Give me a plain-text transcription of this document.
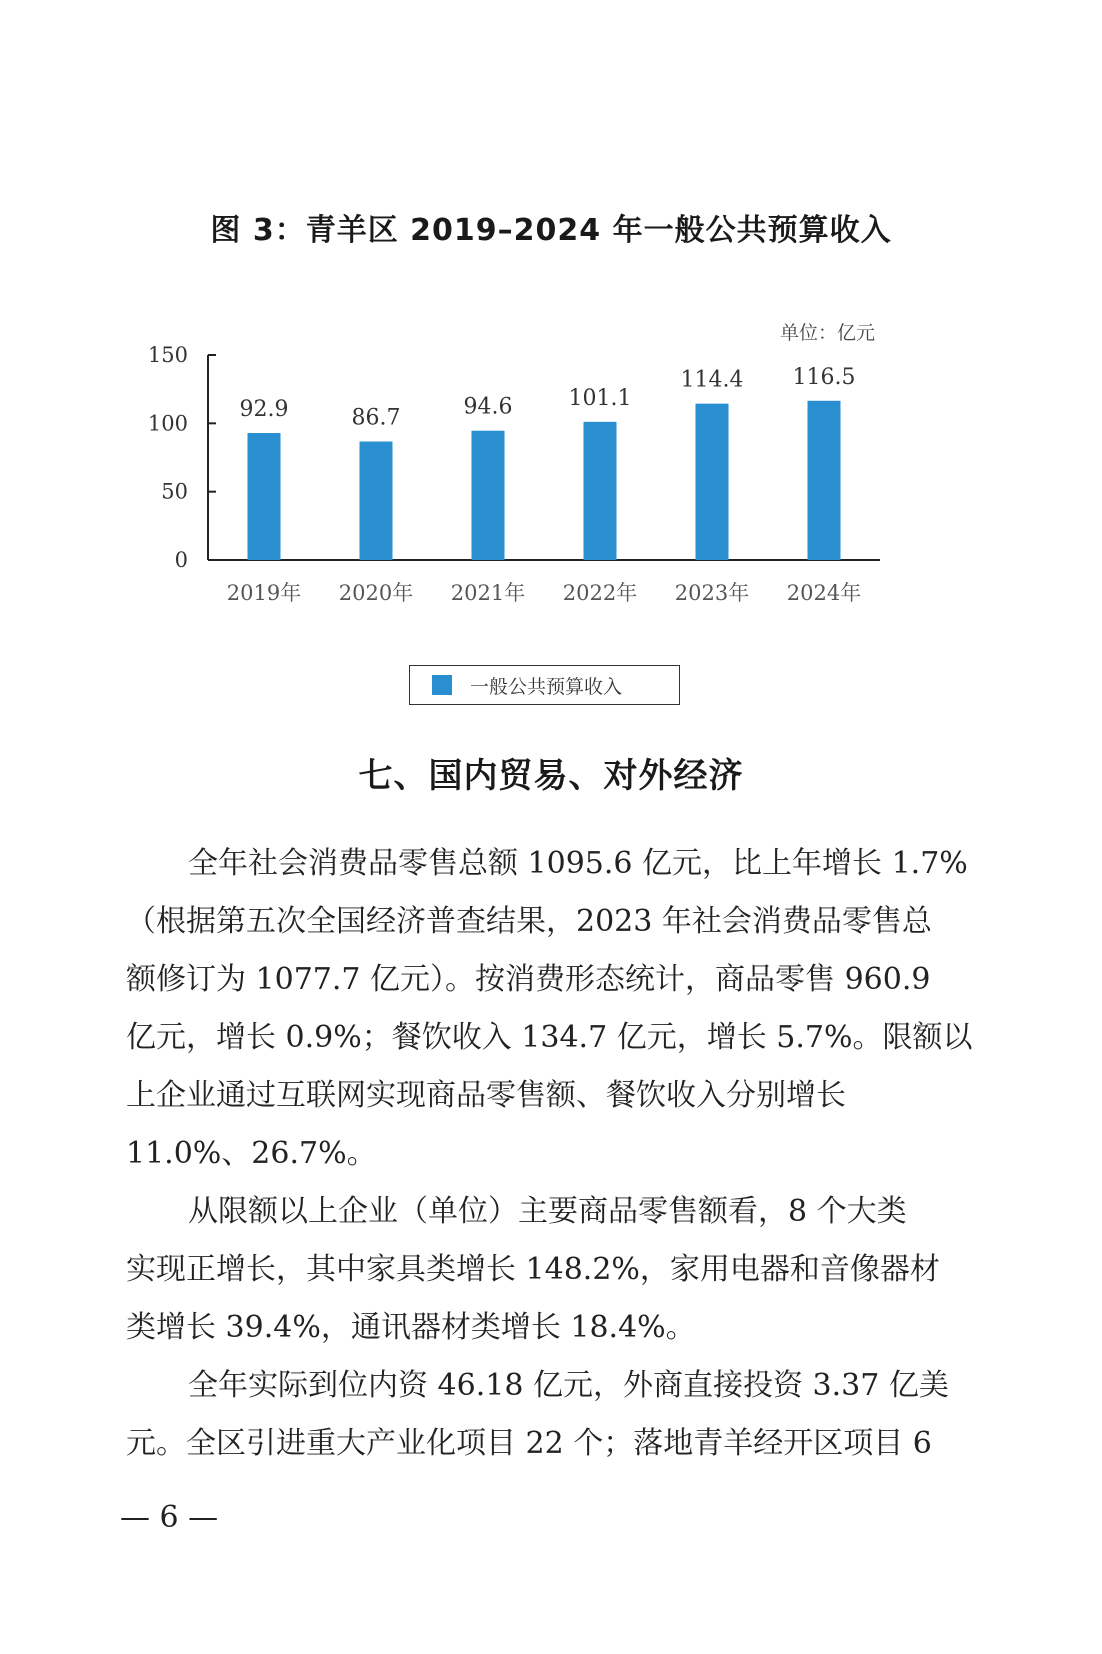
图 3：青羊区 2019–2024 年一般公共预算收入
单位：亿元
0
50
100
150
92.9
2019年
86.7
2020年
94.6
2021年
101.1
2022年
114.4
2023年
116.5
2024年
一般公共预算收入
七、国内贸易、对外经济
全年社会消费品零售总额 1095.6 亿元，比上年增长 1.7%
（根据第五次全国经济普查结果，2023 年社会消费品零售总
额修订为 1077.7 亿元）。按消费形态统计，商品零售 960.9
亿元，增长 0.9%；餐饮收入 134.7 亿元，增长 5.7%。限额以
上企业通过互联网实现商品零售额、餐饮收入分别增长
11.0%、26.7%。
从限额以上企业（单位）主要商品零售额看，8 个大类
实现正增长，其中家具类增长 148.2%，家用电器和音像器材
类增长 39.4%，通讯器材类增长 18.4%。
全年实际到位内资 46.18 亿元，外商直接投资 3.37 亿美
元。全区引进重大产业化项目 22 个；落地青羊经开区项目 6
— 6 —
